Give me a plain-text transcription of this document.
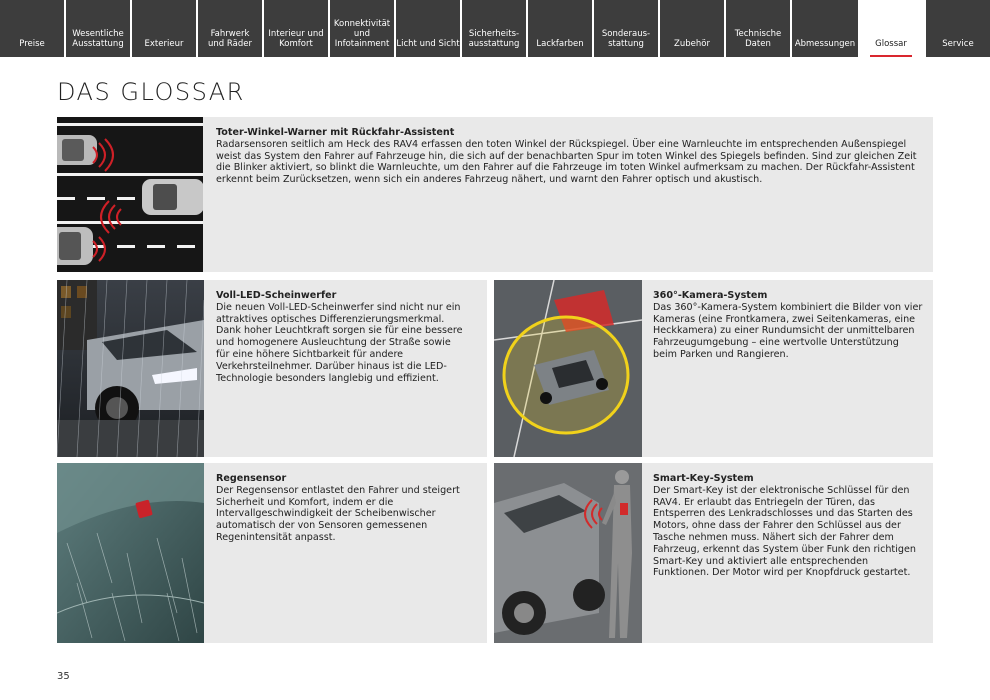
Preise
Wesentliche
Ausstattung Exterieur
Fahrwerk
und Räder
Interieur und
Komfort
Konnektivität
und
Infotainment Licht und Sicht
Sicherheits-
ausstattung Lackfarben
Sonderaus-
stattung	Zubehör
Technische
Daten	Abmessungen Glossar	Service
DAS GLOSSAR
Toter-Winkel-Warner mit Rückfahr-Assistent
Radarsensoren seitlich am Heck des RAV4 erfassen den toten Winkel der Rückspiegel. Über eine Warnleuchte im entsprechenden Außenspiegel weist das System den Fahrer auf Fahrzeuge hin, die sich auf der benachbarten Spur im toten Winkel des Spiegels befinden. Sind zur gleichen Zeit die Blinker aktiviert, so blinkt die Warnleuchte, um den Fahrer auf die Fahrzeuge im toten Winkel aufmerksam zu machen. Der Rückfahr-Assistent erkennt beim Zurücksetzen, wenn sich ein anderes Fahrzeug nähert, und warnt den Fahrer optisch und akustisch.
Voll-LED-Scheinwerfer
Die neuen Voll-LED-Scheinwerfer sind nicht nur ein attraktives optisches Differenzierungsmerkmal. Dank hoher Leuchtkraft sorgen sie für eine bessere und homogenere Ausleuchtung der Straße sowie für eine höhere Sichtbarkeit für andere Verkehrsteilnehmer. Darüber hinaus ist die LED-Technologie besonders langlebig und effizient.
360°-Kamera-System
Das 360°-Kamera-System kombiniert die Bilder von vier Kameras (eine Frontkamera, zwei Seitenkameras, eine Heckkamera) zu einer Rundumsicht der unmittelbaren Fahrzeugumgebung – eine wertvolle Unterstützung beim Parken und Rangieren.
Regensensor
Der Regensensor entlastet den Fahrer und steigert Sicherheit und Komfort, indem er die Intervallgeschwindigkeit der Scheibenwischer automatisch der von Sensoren gemessenen Regenintensität anpasst.
Smart-Key-System
Der Smart-Key ist der elektronische Schlüssel für den RAV4. Er erlaubt das Entriegeln der Türen, das Entsperren des Lenkradschlosses und das Starten des Motors, ohne dass der Fahrer den Schlüssel aus der Tasche nehmen muss. Nähert sich der Fahrer dem Fahrzeug, erkennt das System über Funk den richtigen Smart-Key und aktiviert alle entsprechenden Funktionen. Der Motor wird per Knopfdruck gestartet.
35
